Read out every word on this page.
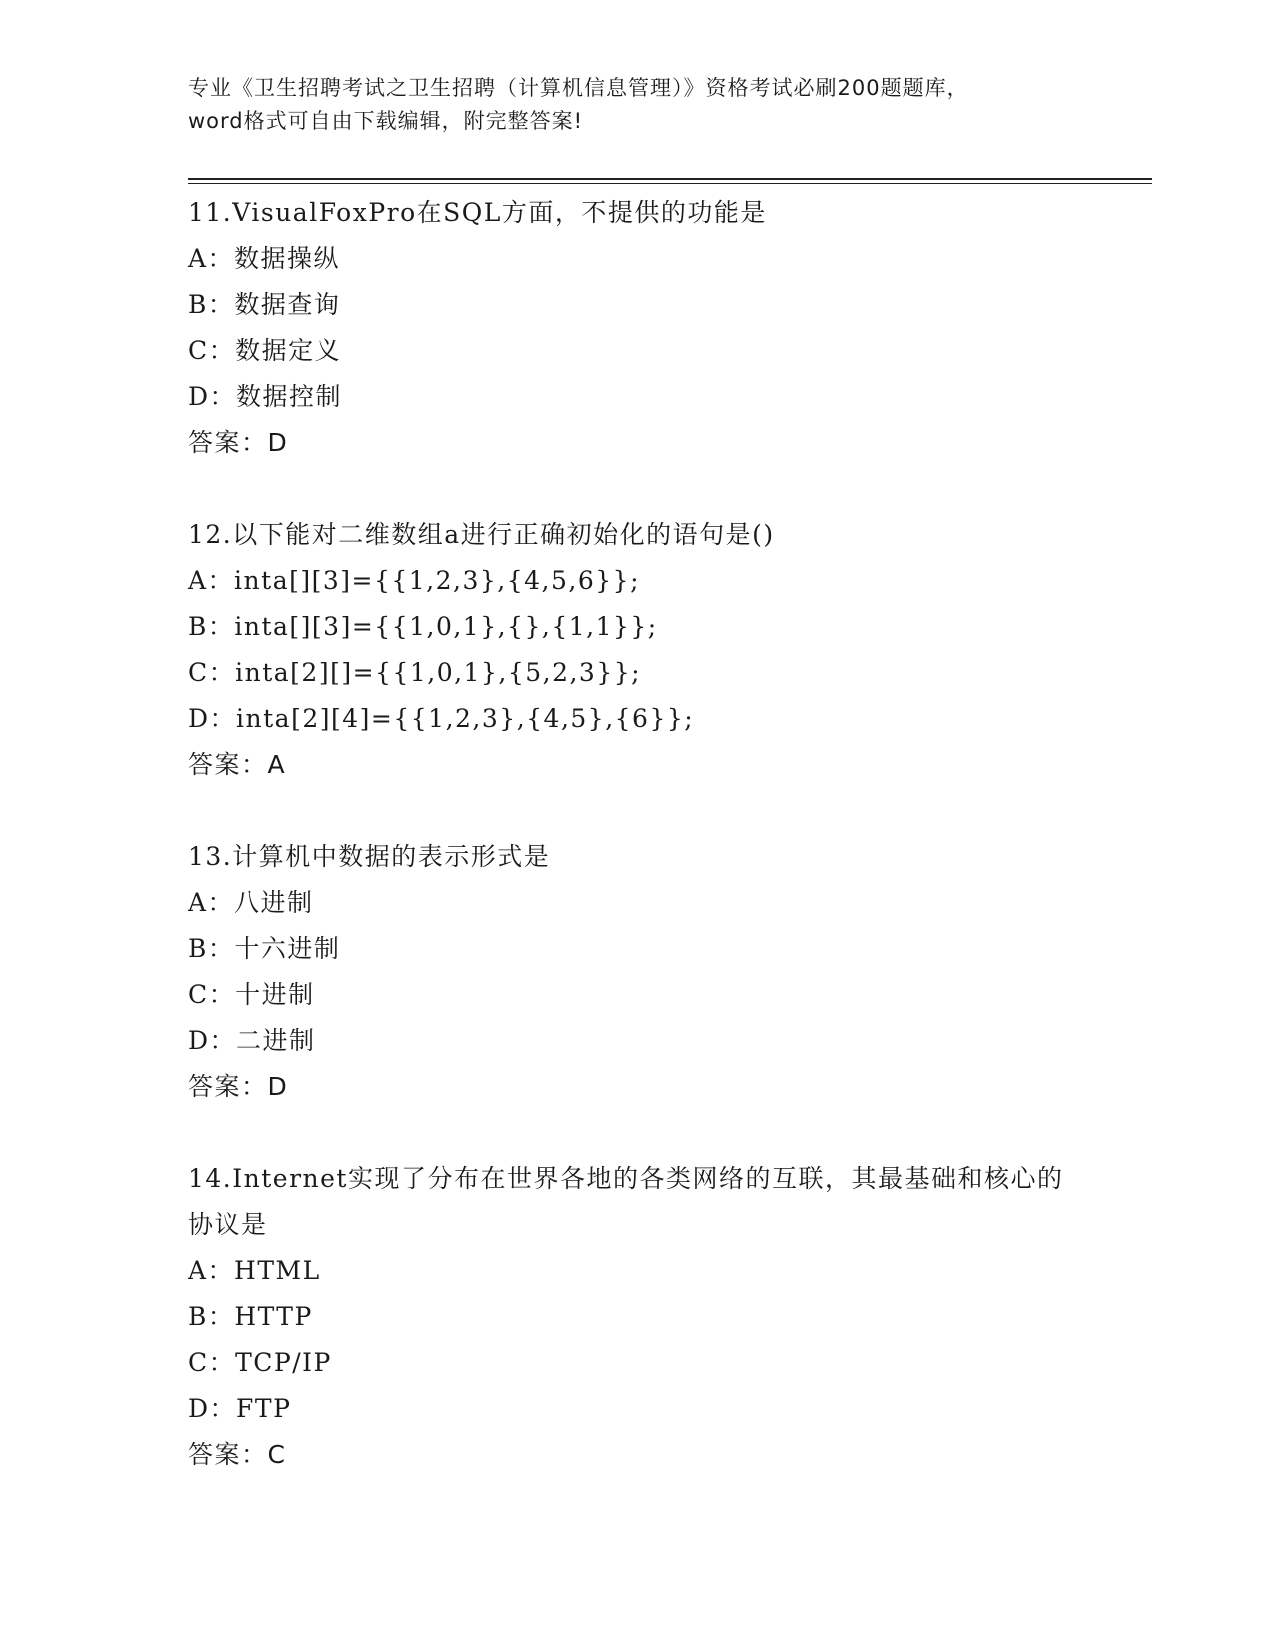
专业《卫生招聘考试之卫生招聘（计算机信息管理）》资格考试必刷200题题库，
word格式可自由下载编辑，附完整答案!
11.VisualFoxPro在SQL方面，不提供的功能是
A：数据操纵
B：数据查询
C：数据定义
D：数据控制
答案：D
12.以下能对二维数组a进行正确初始化的语句是()
A：inta[][3]={{1,2,3},{4,5,6}};
B：inta[][3]={{1,0,1},{},{1,1}};
C：inta[2][]={{1,0,1},{5,2,3}};
D：inta[2][4]={{1,2,3},{4,5},{6}};
答案：A
13.计算机中数据的表示形式是
A：八进制
B：十六进制
C：十进制
D：二进制
答案：D
14.Internet实现了分布在世界各地的各类网络的互联，其最基础和核心的协议是
A：HTML
B：HTTP
C：TCP/IP
D：FTP
答案：C
